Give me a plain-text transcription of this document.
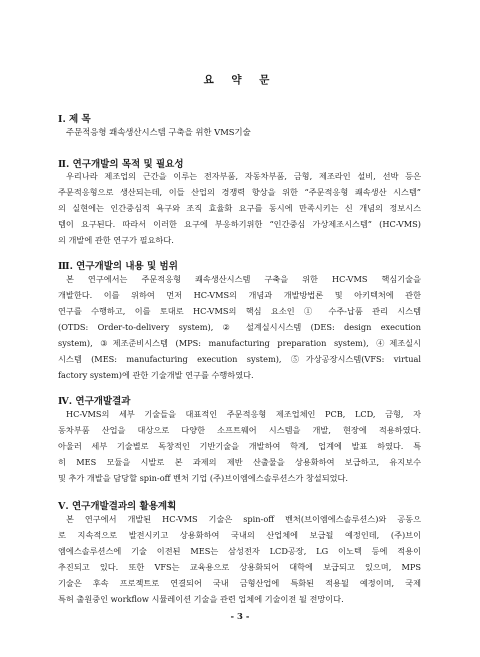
요 약 문
Ⅰ. 제 목
주문적응형 쾌속생산시스템 구축을 위한 VMS기술
Ⅱ. 연구개발의 목적 및 필요성
우리나라 제조업의 근간을 이루는 전자부품, 자동차부품, 금형, 제조라인 설비, 선박 등은
주문적응형으로 생산되는데, 이들 산업의 경쟁력 향상을 위한 “주문적응형 쾌속생산 시스템”
의 실현에는 인간중심적 욕구와 조직 효율화 요구를 동시에 만족시키는 신 개념의 정보시스
템이 요구된다. 따라서 이러한 요구에 부응하기위한 “인간중심 가상제조시스템” (HC-VMS)
의 개발에 관한 연구가 필요하다.
Ⅲ. 연구개발의 내용 및 범위
본 연구에서는 주문적응형 쾌속생산시스템 구축을 위한 HC-VMS 핵심기술을
개발한다. 이를 위하여 먼저 HC-VMS의 개념과 개발방법론 및 아키텍처에 관한
연구를 수행하고, 이를 토대로 HC-VMS의 핵심 요소인 ① 수주-납품 관리 시스템
(OTDS: Order-to-delivery system), ② 설계실시시스템 (DES: design execution
system), ③제조준비시스템 (MPS: manufacturing preparation system), ④제조실시
시스템 (MES: manufacturing execution system), ⑤가상공장시스템(VFS: virtual
factory system)에 관한 기술개발 연구를 수행하였다.
Ⅳ. 연구개발결과
HC-VMS의 세부 기술들을 대표적인 주문적응형 제조업체인 PCB, LCD, 금형, 자
동차부품 산업을 대상으로 다양한 소프트웨어 시스템을 개발, 현장에 적용하였다.
아울러 세부 기술별로 독창적인 기반기술을 개발하여 학계, 업계에 발표 하였다. 특
히 MES 모듈을 시발로 본 과제의 제반 산출물을 상용화하여 보급하고, 유지보수
및 추가 개발을 담당할 spin-off 벤처 기업 (주)브이엠에스솔루션스가 창설되었다.
Ⅴ. 연구개발결과의 활용계획
본 연구에서 개발된 HC-VMS 기술은 spin-off 벤처(브이엠에스솔루션스)와 공동으
로 지속적으로 발전시키고 상용화하여 국내의 산업체에 보급될 예정인데, (주)브이
엠에스솔루션스에 기술 이전된 MES는 삼성전자 LCD공장, LG 이노텍 등에 적용이
추진되고 있다. 또한 VFS는 교육용으로 상용화되어 대학에 보급되고 있으며, MPS
기술은 후속 프로젝트로 연결되어 국내 금형산업에 특화된 적용될 예정이며, 국제
특허 출원중인 workflow 시뮬레이션 기술을 관련 업체에 기술이전 될 전망이다.
- 3 -
